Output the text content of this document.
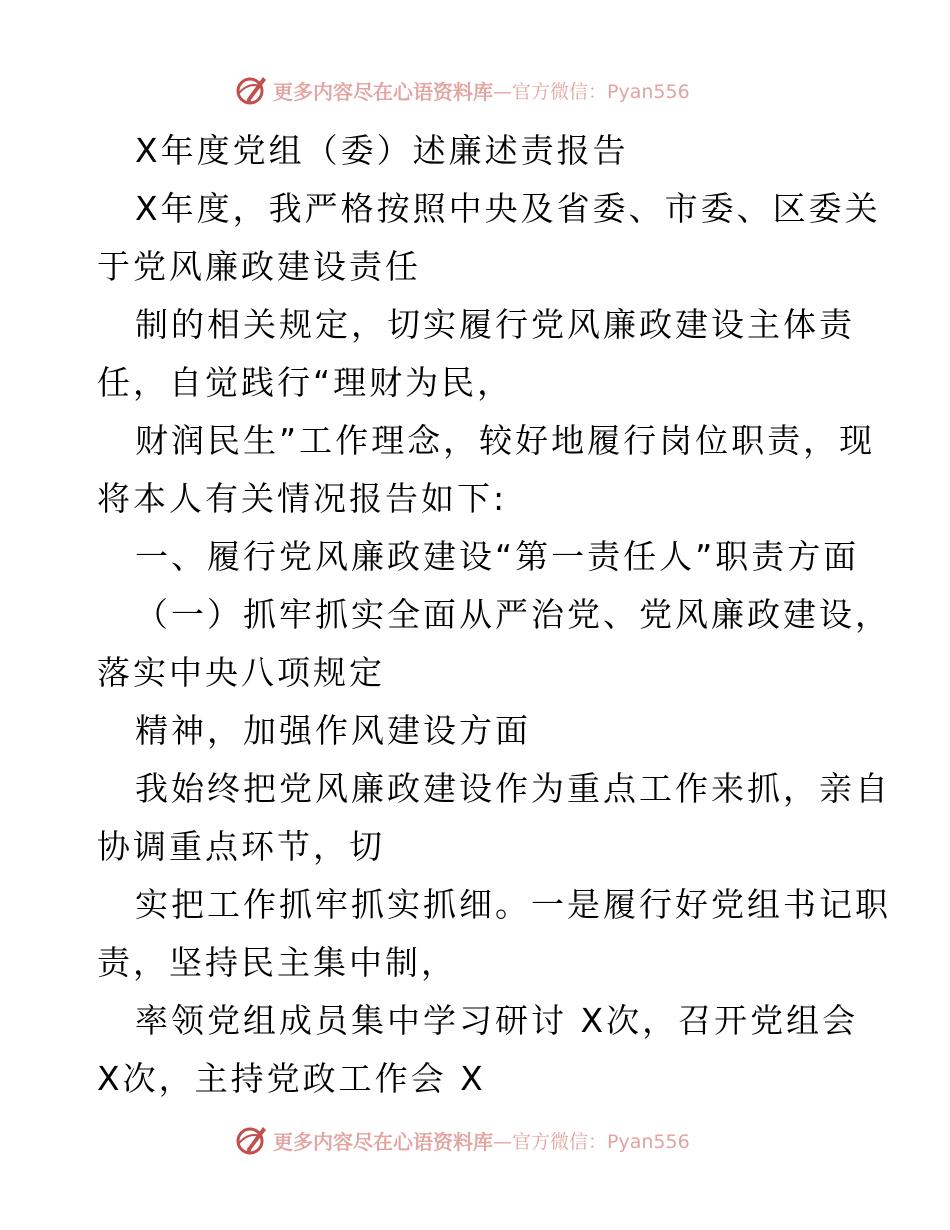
更多内容尽在心语资料库 —官方微信：Pyan556
X年度党组（委）述廉述责报告
X年度，我严格按照中央及省委、市委、区委关
于党风廉政建设责任
制的相关规定，切实履行党风廉政建设主体责
任，自觉践行“理财为民，
财润民生”工作理念，较好地履行岗位职责，现
将本人有关情况报告如下:
一、履行党风廉政建设“第一责任人”职责方面
（一）抓牢抓实全面从严治党、党风廉政建设，
落实中央八项规定
精神，加强作风建设方面
我始终把党风廉政建设作为重点工作来抓，亲自
协调重点环节，切
实把工作抓牢抓实抓细。一是履行好党组书记职
责，坚持民主集中制，
率领党组成员集中学习研讨 X次，召开党组会
X次，主持党政工作会 X
更多内容尽在心语资料库 —官方微信：Pyan556
